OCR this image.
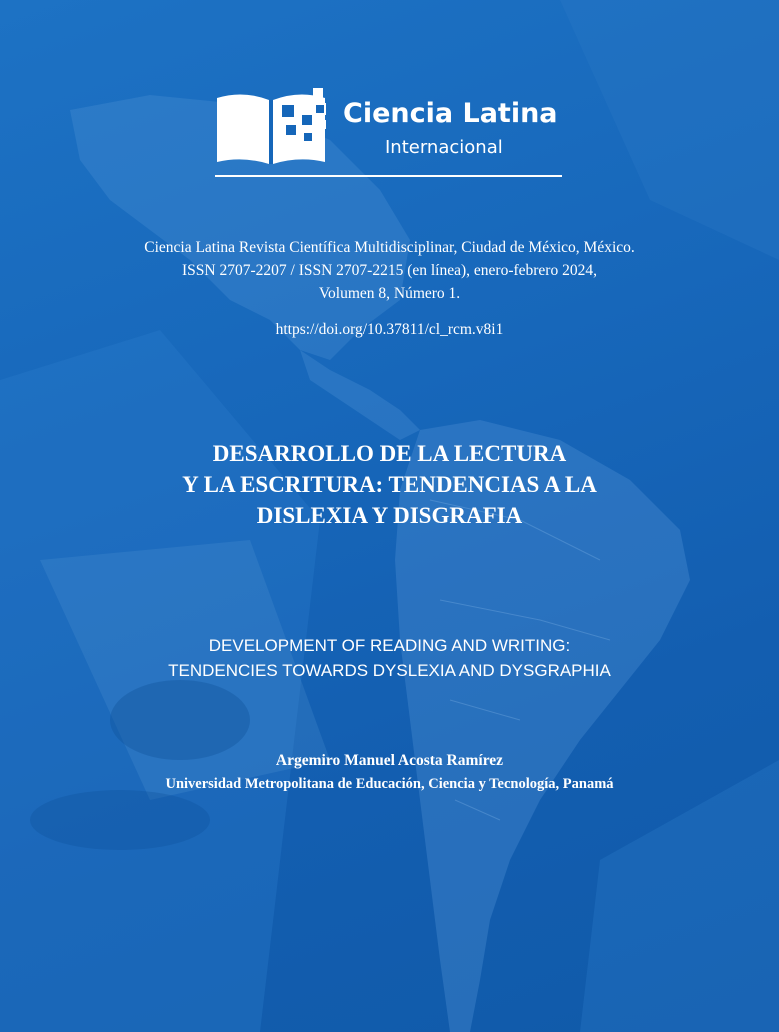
Ciencia Latina
Internacional
Ciencia Latina Revista Científica Multidisciplinar, Ciudad de México, México.
ISSN 2707-2207 / ISSN 2707-2215 (en línea), enero-febrero 2024,
Volumen 8, Número 1.
https://doi.org/10.37811/cl_rcm.v8i1
DESARROLLO DE LA LECTURA
Y LA ESCRITURA: TENDENCIAS A LA
DISLEXIA Y DISGRAFIA
DEVELOPMENT OF READING AND WRITING:
TENDENCIES TOWARDS DYSLEXIA AND DYSGRAPHIA
Argemiro Manuel Acosta Ramírez
Universidad Metropolitana de Educación, Ciencia y Tecnología, Panamá
